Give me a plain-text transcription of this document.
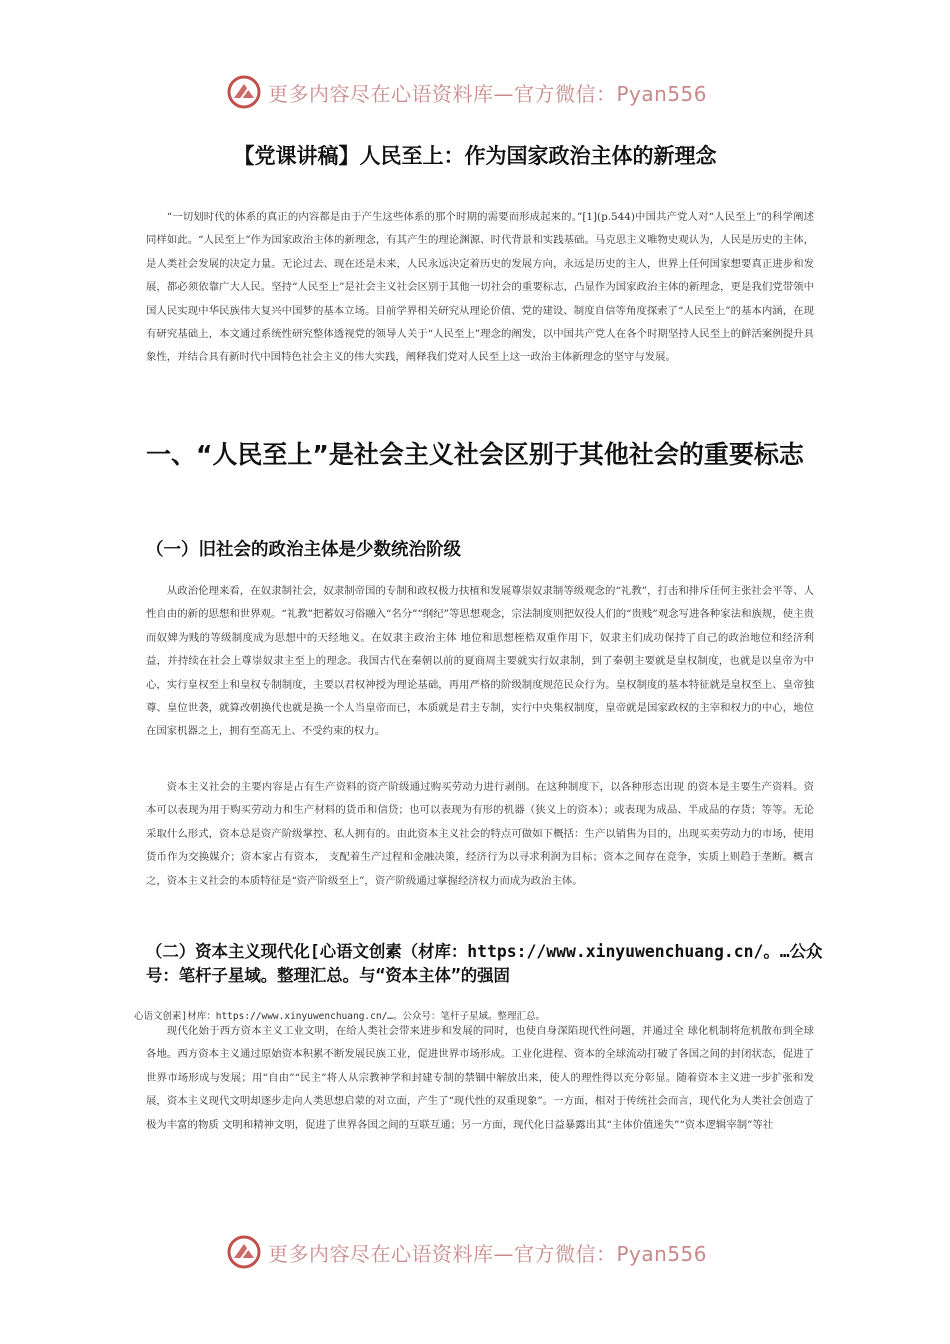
更多内容尽在心语资料库—官方微信：Pyan556
【党课讲稿】人民至上：作为国家政治主体的新理念

“一切划时代的体系的真正的内容都是由于产生这些体系的那个时期的需要而形成起来的。”[1](p.544)中国共产党人对“人民至上”的科学阐述同样如此。“人民至上”作为国家政治主体的新理念，有其产生的理论渊源、时代背景和实践基础。马克思主义唯物史观认为，人民是历史的主体，是人类社会发展的决定力量。无论过去、现在还是未来，人民永远决定着历史的发展方向，永远是历史的主人，世界上任何国家想要真正进步和发展，都必须依靠广大人民。坚持“人民至上”是社会主义社会区别于其他一切社会的重要标志，凸显作为国家政治主体的新理念，更是我们党带领中国人民实现中华民族伟大复兴中国梦的基本立场。目前学界相关研究从理论价值、党的建设、制度自信等角度探索了“人民至上”的基本内涵，在现有研究基础上，本文通过系统性研究整体透视党的领导人关于“人民至上”理念的阐发，以中国共产党人在各个时期坚持人民至上的鲜活案例提升具象性，并结合具有新时代中国特色社会主义的伟大实践，阐释我们党对人民至上这一政治主体新理念的坚守与发展。

一、“人民至上”是社会主义社会区别于其他社会的重要标志
（一）旧社会的政治主体是少数统治阶级

从政治伦理来看，在奴隶制社会，奴隶制帝国的专制和政权极力扶植和发展尊崇奴隶制等级观念的“礼教”，打击和排斥任何主张社会平等、人性自由的新的思想和世界观。“礼教”把蓄奴习俗融入“名分”“纲纪”等思想观念，宗法制度则把奴役人们的“贵贱”观念写进各种家法和族规，使主贵而奴婢为贱的等级制度成为思想中的天经地义。在奴隶主政治主体 地位和思想桎梏双重作用下，奴隶主们成功保持了自己的政治地位和经济利益，并持续在社会上尊崇奴隶主至上的理念。我国古代在秦朝以前的夏商周主要就实行奴隶制，到了秦朝主要就是皇权制度，也就是以皇帝为中心，实行皇权至上和皇权专制制度，主要以君权神授为理论基础，再用严格的阶级制度规范民众行为。皇权制度的基本特征就是皇权至上、皇帝独尊、皇位世袭，就算改朝换代也就是换一个人当皇帝而已，本质就是君主专制，实行中央集权制度，皇帝就是国家政权的主宰和权力的中心，地位在国家机器之上，拥有至高无上、不受约束的权力。

资本主义社会的主要内容是占有生产资料的资产阶级通过购买劳动力进行剥削。在这种制度下，以各种形态出现 的资本是主要生产资料。资本可以表现为用于购买劳动力和生产材料的货币和信贷；也可以表现为有形的机器（狭义上的资本）；或表现为成品、半成品的存货；等等。无论采取什么形式，资本总是资产阶级掌控、私人拥有的。由此资本主义社会的特点可做如下概括：生产以销售为目的，出现买卖劳动力的市场，使用货币作为交换媒介；资本家占有资本， 支配着生产过程和金融决策，经济行为以寻求利润为目标；资本之间存在竞争，实质上则趋于垄断。概言之，资本主义社会的本质特征是“资产阶级至上”，资产阶级通过掌握经济权力而成为政治主体。

（二）资本主义现代化[心语文创素（材库：https://www.xinyuwenchuang.cn/。…公众号：笔杆子星域。整理汇总。与“资本主体”的强固
心语文创素]材库：https://www.xinyuwenchuang.cn/…。公众号：笔杆子星域。整理汇总。

现代化始于西方资本主义工业文明，在给人类社会带来进步和发展的同时，也使自身深陷现代性问题，并通过全 球化机制将危机散布到全球各地。西方资本主义通过原始资本积累不断发展民族工业，促进世界市场形成。工业化进程、资本的全球流动打破了各国之间的封闭状态，促进了世界市场形成与发展；用“自由”“民主”将人从宗教神学和封建专制的禁锢中解放出来，使人的理性得以充分彰显。随着资本主义进一步扩张和发展，资本主义现代文明却逐步走向人类思想启蒙的对立面，产生了“现代性的双重现象”。一方面，相对于传统社会而言，现代化为人类社会创造了极为丰富的物质 文明和精神文明，促进了世界各国之间的互联互通；另一方面，现代化日益暴露出其“主体价值迷失”“资本逻辑宰制”等社

更多内容尽在心语资料库—官方微信：Pyan556
